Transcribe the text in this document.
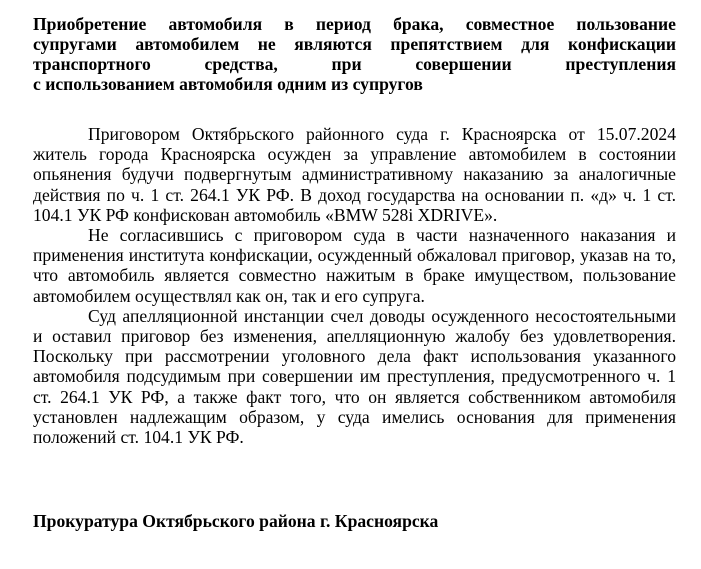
Приобретение автомобиля в период брака, совместное пользование
супругами автомобилем не являются препятствием для конфискации
транспортного средства, при совершении преступления
с использованием автомобиля одним из супругов

Приговором Октябрьского районного суда г. Красноярска от 15.07.2024 житель города Красноярска осужден за управление автомобилем в состоянии опьянения будучи подвергнутым административному наказанию за аналогичные действия по ч. 1 ст. 264.1 УК РФ. В доход государства на основании п. «д» ч. 1 ст. 104.1 УК РФ конфискован автомобиль «BMW 528i XDRIVE».

Не согласившись с приговором суда в части назначенного наказания и применения института конфискации, осужденный обжаловал приговор, указав на то, что автомобиль является совместно нажитым в браке имуществом, пользование автомобилем осуществлял как он, так и его супруга.

Суд апелляционной инстанции счел доводы осужденного несостоятельными и оставил приговор без изменения, апелляционную жалобу без удовлетворения. Поскольку при рассмотрении уголовного дела факт использования указанного автомобиля подсудимым при совершении им преступления, предусмотренного ч. 1 ст. 264.1 УК РФ, а также факт того, что он является собственником автомобиля установлен надлежащим образом, у суда имелись основания для применения положений ст. 104.1 УК РФ.

Прокуратура Октябрьского района г. Красноярска
